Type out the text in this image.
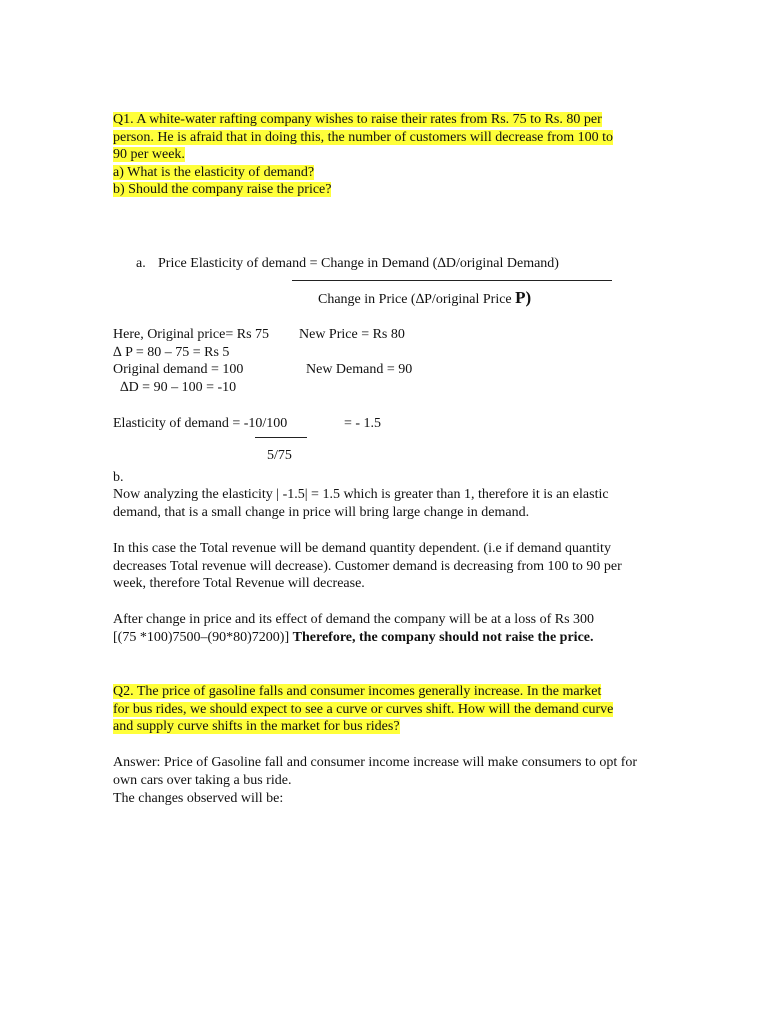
Q1. A white-water rafting company wishes to raise their rates from Rs. 75 to Rs. 80 per
person. He is afraid that in doing this, the number of customers will decrease from 100 to
90 per week.
a) What is the elasticity of demand?
b) Should the company raise the price?
a. Price Elasticity of demand = Change in Demand (∆D/original Demand)
Change in Price (∆P/original Price P)
Here, Original price= Rs 75 New Price = Rs 80
∆ P = 80 – 75 = Rs 5
Original demand = 100	New Demand = 90
∆D = 90 – 100 = -10
Elasticity of demand = -10/100	= - 1.5
5/75
b.
Now analyzing the elasticity | -1.5| = 1.5 which is greater than 1, therefore it is an elastic demand, that is a small change in price will bring large change in demand.
In this case the Total revenue will be demand quantity dependent. (i.e if demand quantity decreases Total revenue will decrease). Customer demand is decreasing from 100 to 90 per week, therefore Total Revenue will decrease.
After change in price and its effect of demand the company will be at a loss of Rs 300
[(75 *100)7500–(90*80)7200)] Therefore, the company should not raise the price.
Q2. The price of gasoline falls and consumer incomes generally increase. In the market
for bus rides, we should expect to see a curve or curves shift. How will the demand curve
and supply curve shifts in the market for bus rides?
Answer: Price of Gasoline fall and consumer income increase will make consumers to opt for own cars over taking a bus ride.
The changes observed will be:
